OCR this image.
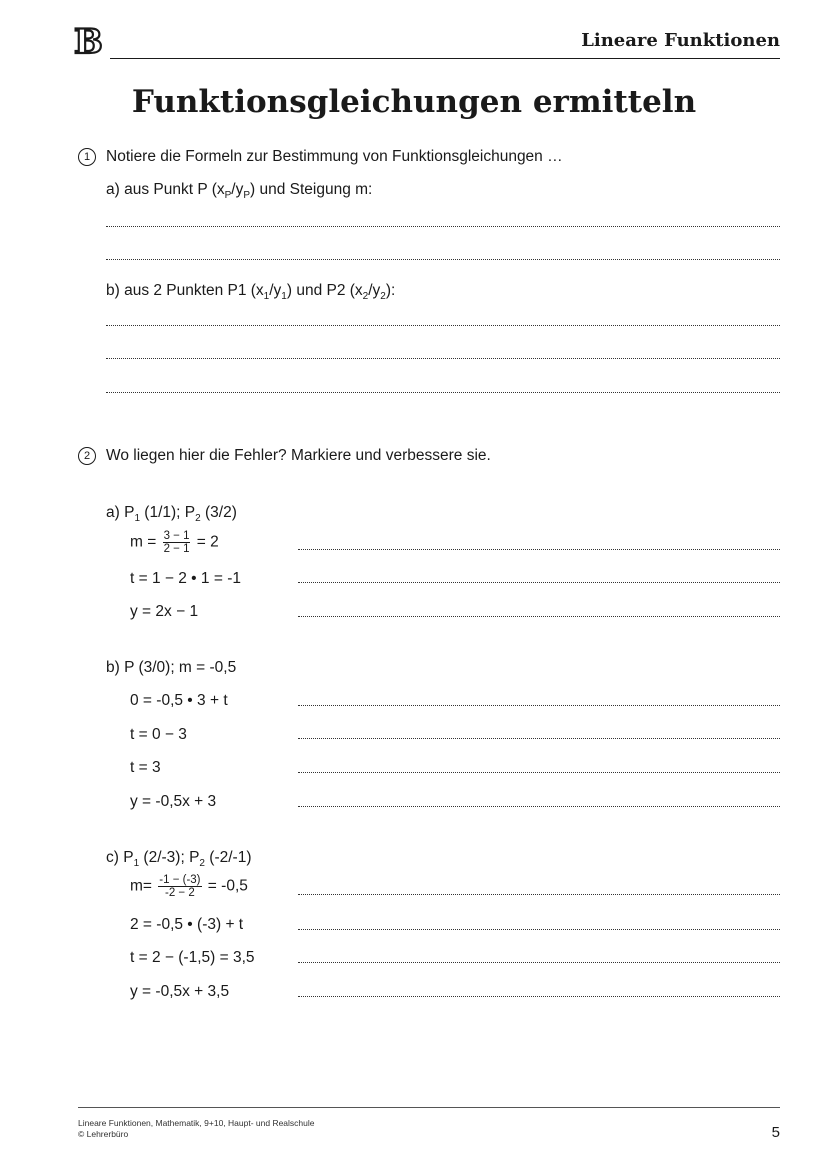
B	Lineare Funktionen
Funktionsgleichungen ermitteln
1 Notiere die Formeln zur Bestimmung von Funktionsgleichungen …
a) aus Punkt P $(x_P/y_P)$ und Steigung m:
b) aus 2 Punkten P1 $(x_1/y_1)$ und P2 $(x_2/y_2)$:
2 Wo liegen hier die Fehler? Markiere und verbessere sie.
a) $P_1$ (1/1); $P_2$ (3/2)
$m = \frac{3 - 1}{2 - 1} = 2$
t = 1 − 2 • 1 = -1
y = 2x − 1
b) P (3/0); m = -0,5
0 = -0,5 • 3 + t
t = 0 − 3
t = 3
y = -0,5x + 3
c) $P_1$ (2/-3); $P_2$ (-2/-1)
$m= \frac{-1 - (-3)}{-2 - 2} = -0,5$
2 = -0,5 • (-3) + t
t = 2 − (-1,5) = 3,5
y = -0,5x + 3,5
Lineare Funktionen, Mathematik, 9+10, Haupt- und Realschule
© Lehrerbüro	5
